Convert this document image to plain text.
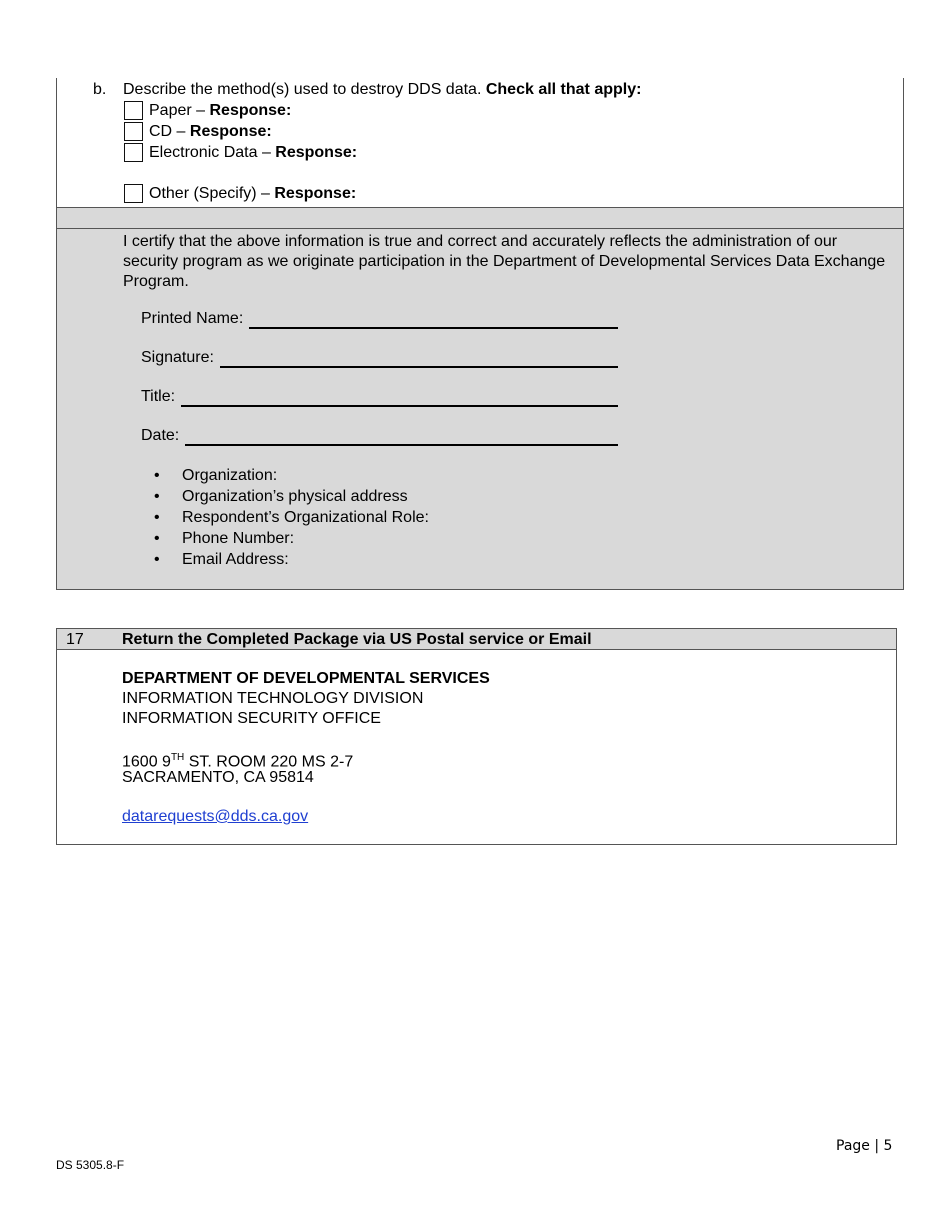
b. Describe the method(s) used to destroy DDS data. Check all that apply:
Paper – Response:
CD – Response:
Electronic Data – Response:
Other (Specify) – Response:
I certify that the above information is true and correct and accurately reflects the administration of our security program as we originate participation in the Department of Developmental Services Data Exchange Program.
Printed Name:
Signature:
Title:
Date:
• Organization:
• Organization’s physical address
• Respondent’s Organizational Role:
• Phone Number:
• Email Address:
17 Return the Completed Package via US Postal service or Email
DEPARTMENT OF DEVELOPMENTAL SERVICES
INFORMATION TECHNOLOGY DIVISION
INFORMATION SECURITY OFFICE
1600 9TH ST. ROOM 220 MS 2-7
SACRAMENTO, CA 95814
datarequests@dds.ca.gov
Page | 5
DS 5305.8-F
